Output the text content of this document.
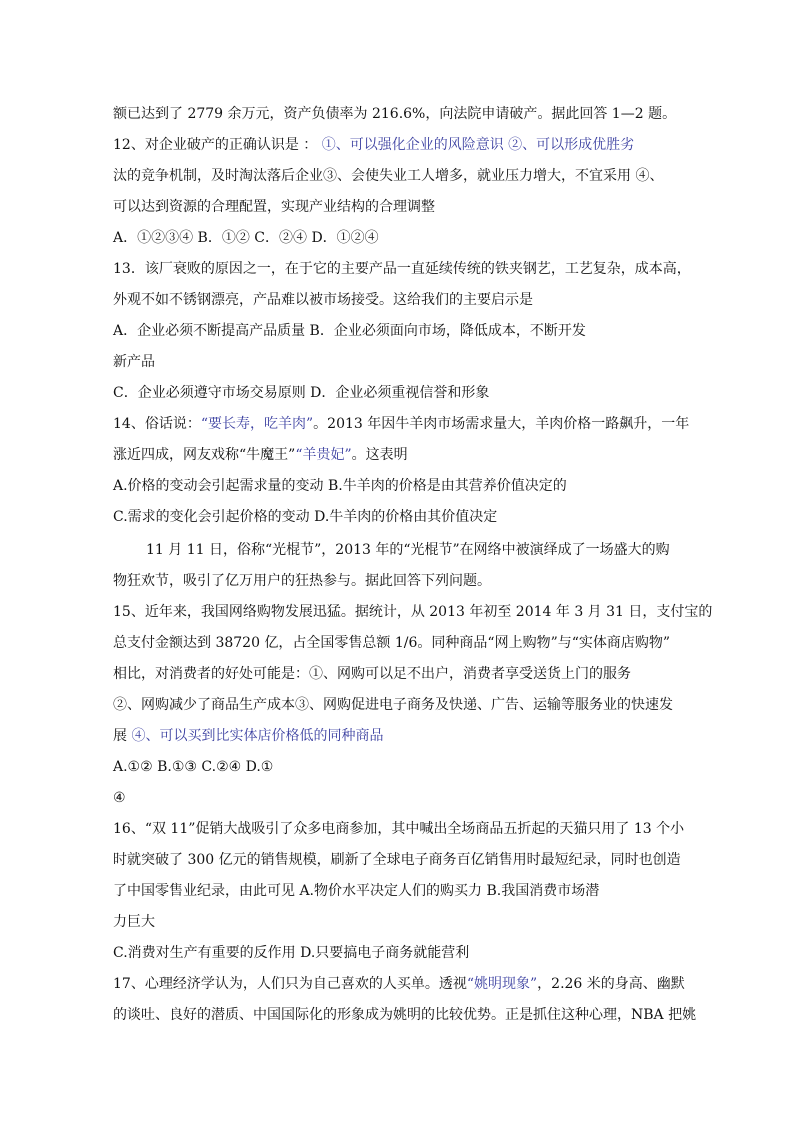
额已达到了 2779 余万元，资产负债率为 216.6%，向法院申请破产。据此回答 1—2 题。
12、对企业破产的正确认识是 ： ①、可以强化企业的风险意识 ②、可以形成优胜劣
汰的竞争机制，及时淘汰落后企业③、会使失业工人增多，就业压力增大，不宜采用 ④、
可以达到资源的合理配置，实现产业结构的合理调整
A．①②③④ B．①② C．②④ D．①②④
13．该厂衰败的原因之一，在于它的主要产品一直延续传统的铁夹钢艺，工艺复杂，成本高，
外观不如不锈钢漂亮，产品难以被市场接受。这给我们的主要启示是
A．企业必须不断提高产品质量 B．企业必须面向市场，降低成本，不断开发
新产品
C．企业必须遵守市场交易原则 D．企业必须重视信誉和形象
14、俗话说：“要长寿，吃羊肉”。2013 年因牛羊肉市场需求量大，羊肉价格一路飙升，一年
涨近四成，网友戏称“牛魔王”“羊贵妃”。这表明
A.价格的变动会引起需求量的变动 B.牛羊肉的价格是由其营养价值决定的
C.需求的变化会引起价格的变动 D.牛羊肉的价格由其价值决定
11 月 11 日，俗称“光棍节”，2013 年的“光棍节”在网络中被演绎成了一场盛大的购
物狂欢节，吸引了亿万用户的狂热参与。据此回答下列问题。
15、近年来，我国网络购物发展迅猛。据统计，从 2013 年初至 2014 年 3 月 31 日，支付宝的
总支付金额达到 38720 亿，占全国零售总额 1/6。同种商品“网上购物”与“实体商店购物”
相比，对消费者的好处可能是：①、网购可以足不出户，消费者享受送货上门的服务
②、网购减少了商品生产成本③、网购促进电子商务及快递、广告、运输等服务业的快速发
展 ④、可以买到比实体店价格低的同种商品
A.①② B.①③ C.②④ D.①
④
16、“双 11”促销大战吸引了众多电商参加，其中喊出全场商品五折起的天猫只用了 13 个小
时就突破了 300 亿元的销售规模，刷新了全球电子商务百亿销售用时最短纪录，同时也创造
了中国零售业纪录，由此可见 A.物价水平决定人们的购买力 B.我国消费市场潜
力巨大
C.消费对生产有重要的反作用 D.只要搞电子商务就能营利
17、心理经济学认为，人们只为自己喜欢的人买单。透视“姚明现象”，2.26 米的身高、幽默
的谈吐、良好的潜质、中国国际化的形象成为姚明的比较优势。正是抓住这种心理，NBA 把姚
